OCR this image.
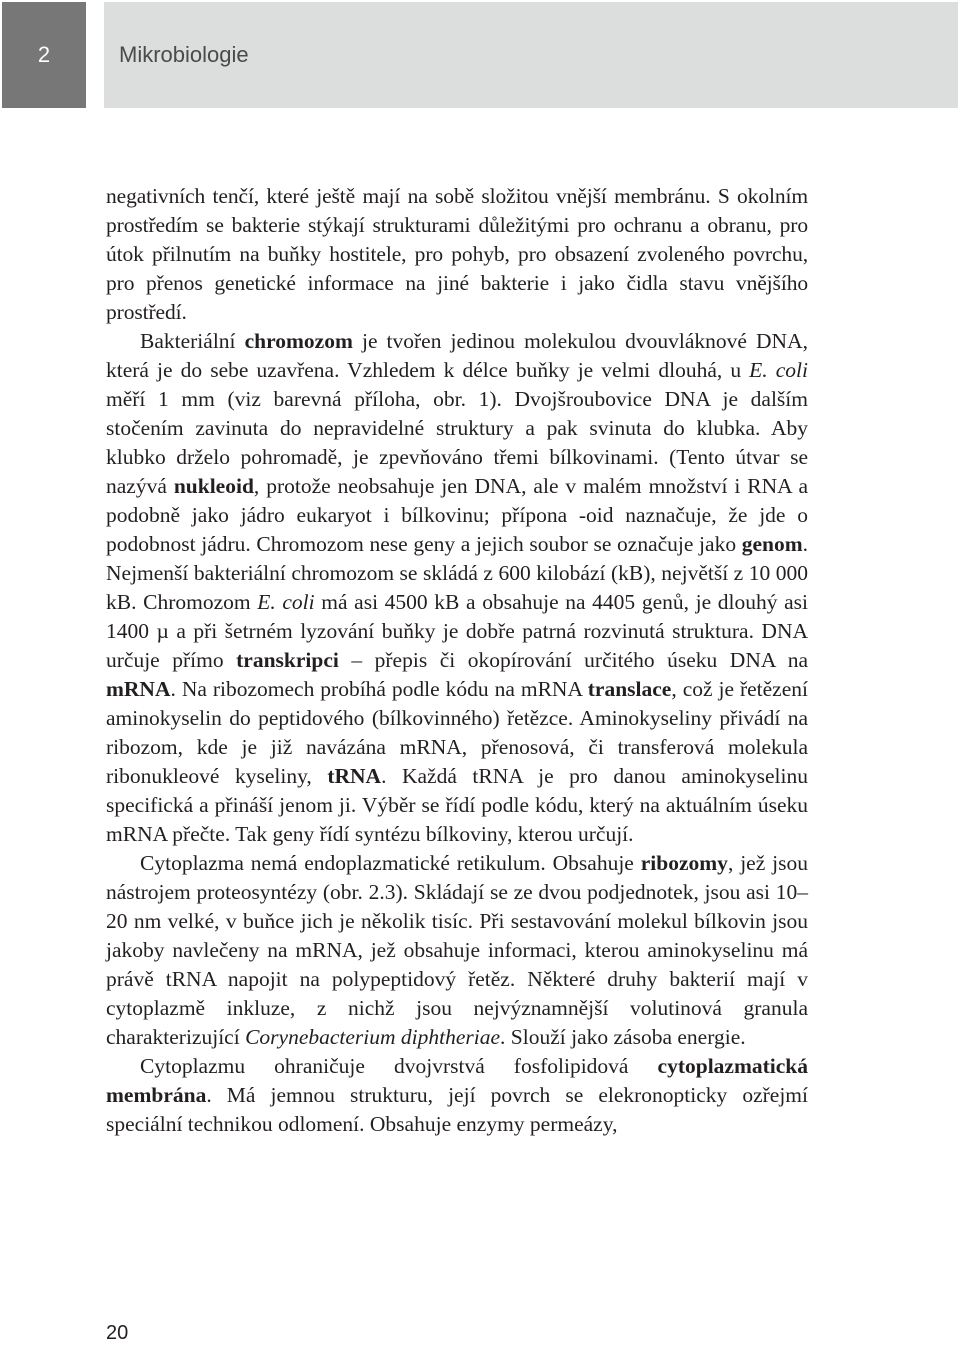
2	Mikrobiologie

negativních tenčí, které ještě mají na sobě složitou vnější membránu. S okolním prostředím se bakterie stýkají strukturami důležitými pro ochranu a obranu, pro útok přilnutím na buňky hostitele, pro pohyb, pro obsazení zvoleného povrchu, pro přenos genetické informace na jiné bakterie i jako čidla stavu vnějšího prostředí.

Bakteriální chromozom je tvořen jedinou molekulou dvouvláknové DNA, která je do sebe uzavřena. Vzhledem k délce buňky je velmi dlouhá, u E. coli měří 1 mm (viz barevná příloha, obr. 1). Dvojšroubovice DNA je dalším stočením zavinuta do nepravidelné struktury a pak svinuta do klubka. Aby klubko drželo pohromadě, je zpevňováno třemi bílkovinami. (Tento útvar se nazývá nukleoid, protože neobsahuje jen DNA, ale v malém množství i RNA a podobně jako jádro eukaryot i bílkovinu; přípona -oid naznačuje, že jde o podobnost jádru. Chromozom nese geny a jejich soubor se označuje jako genom. Nejmenší bakteriální chromozom se skládá z 600 kilobází (kB), největší z 10 000 kB. Chromozom E. coli má asi 4500 kB a obsahuje na 4405 genů, je dlouhý asi 1400 µ a při šetrném lyzování buňky je dobře patrná rozvinutá struktura. DNA určuje přímo transkripci – přepis či okopírování určitého úseku DNA na mRNA. Na ribozomech probíhá podle kódu na mRNA translace, což je řetězení aminokyselin do peptidového (bílkovinného) řetězce. Aminokyseliny přivádí na ribozom, kde je již navázána mRNA, přenosová, či transferová molekula ribonukleové kyseliny, tRNA. Každá tRNA je pro danou aminokyselinu specifická a přináší jenom ji. Výběr se řídí podle kódu, který na aktuálním úseku mRNA přečte. Tak geny řídí syntézu bílkoviny, kterou určují.

Cytoplazma nemá endoplazmatické retikulum. Obsahuje ribozomy, jež jsou nástrojem proteosyntézy (obr. 2.3). Skládají se ze dvou podjednotek, jsou asi 10–20 nm velké, v buňce jich je několik tisíc. Při sestavování molekul bílkovin jsou jakoby navlečeny na mRNA, jež obsahuje informaci, kterou aminokyselinu má právě tRNA napojit na polypeptidový řetěz. Některé druhy bakterií mají v cytoplazmě inkluze, z nichž jsou nejvýznamnější volutinová granula charakterizující Corynebacterium diphtheriae. Slouží jako zásoba energie.

Cytoplazmu ohraničuje dvojvrstvá fosfolipidová cytoplazmatická membrána. Má jemnou strukturu, její povrch se elekronopticky ozřejmí speciální technikou odlomení. Obsahuje enzymy permeázy,

20
